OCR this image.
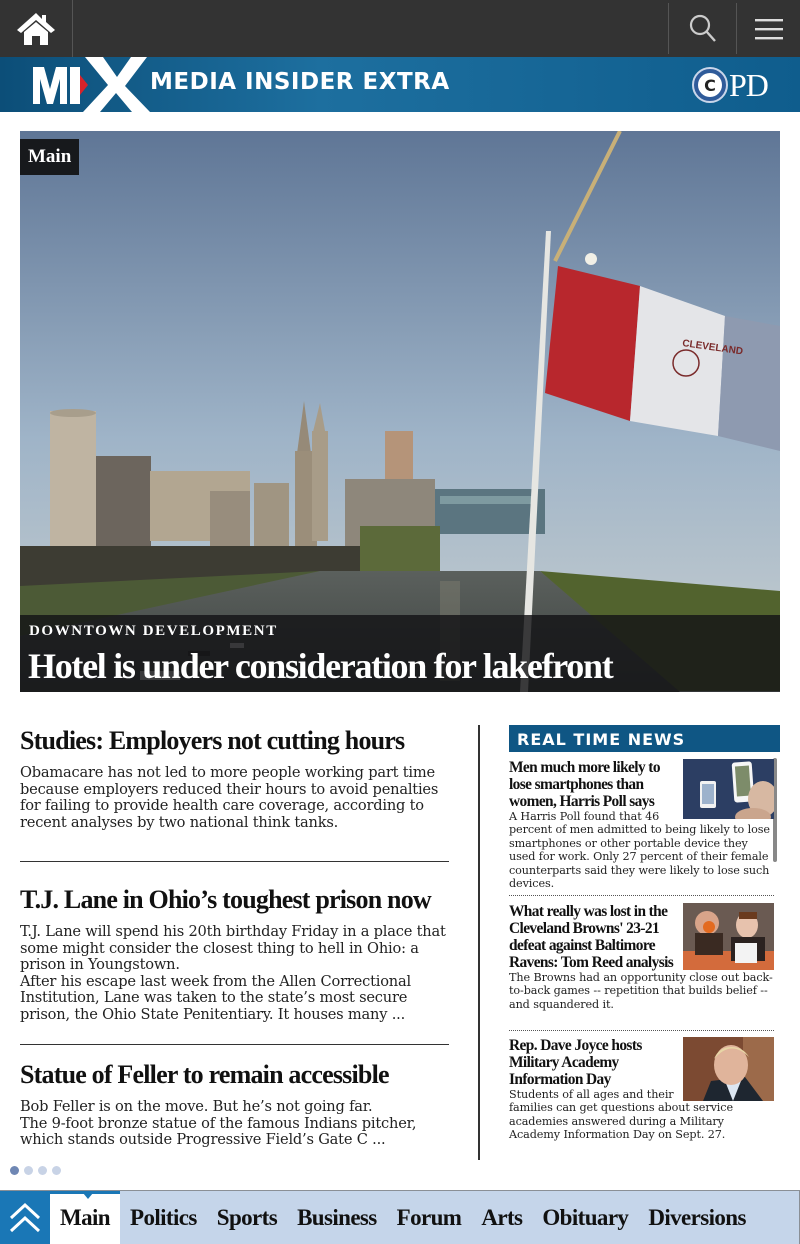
MEDIA INSIDER EXTRA	C PD
CLEVELAND
Main
DOWNTOWN DEVELOPMENT
Hotel is under consideration for lakefront
Studies: Employers not cutting hours

Obamacare has not led to more people working part time because employers reduced their hours to avoid penalties for failing to provide health care coverage, according to recent analyses by two national think tanks.

T.J. Lane in Ohio’s toughest prison now

T.J. Lane will spend his 20th birthday Friday in a place that some might consider the closest thing to hell in Ohio: a prison in Youngstown.
After his escape last week from the Allen Correctional Institution, Lane was taken to the state’s most secure prison, the Ohio State Penitentiary. It houses many ...

Statue of Feller to remain accessible

Bob Feller is on the move. But he’s not going far.
The 9-foot bronze statue of the famous Indians pitcher, which stands outside Progressive Field’s Gate C ...

REAL TIME NEWS
Men much more likely to lose smartphones than women, Harris Poll says

A Harris Poll found that 46 percent of men admitted to being likely to lose smartphones or other portable device they used for work. Only 27 percent of their female counterparts said they were likely to lose such devices.

What really was lost in the Cleveland Browns' 23-21 defeat against Baltimore Ravens: Tom Reed analysis

The Browns had an opportunity close out back-to-back games -- repetition that builds belief -- and squandered it.

Rep. Dave Joyce hosts Military Academy Information Day

Students of all ages and their families can get questions about service academies answered during a Military Academy Information Day on Sept. 27.

Main Politics Sports Business Forum Arts Obituary Diversions
